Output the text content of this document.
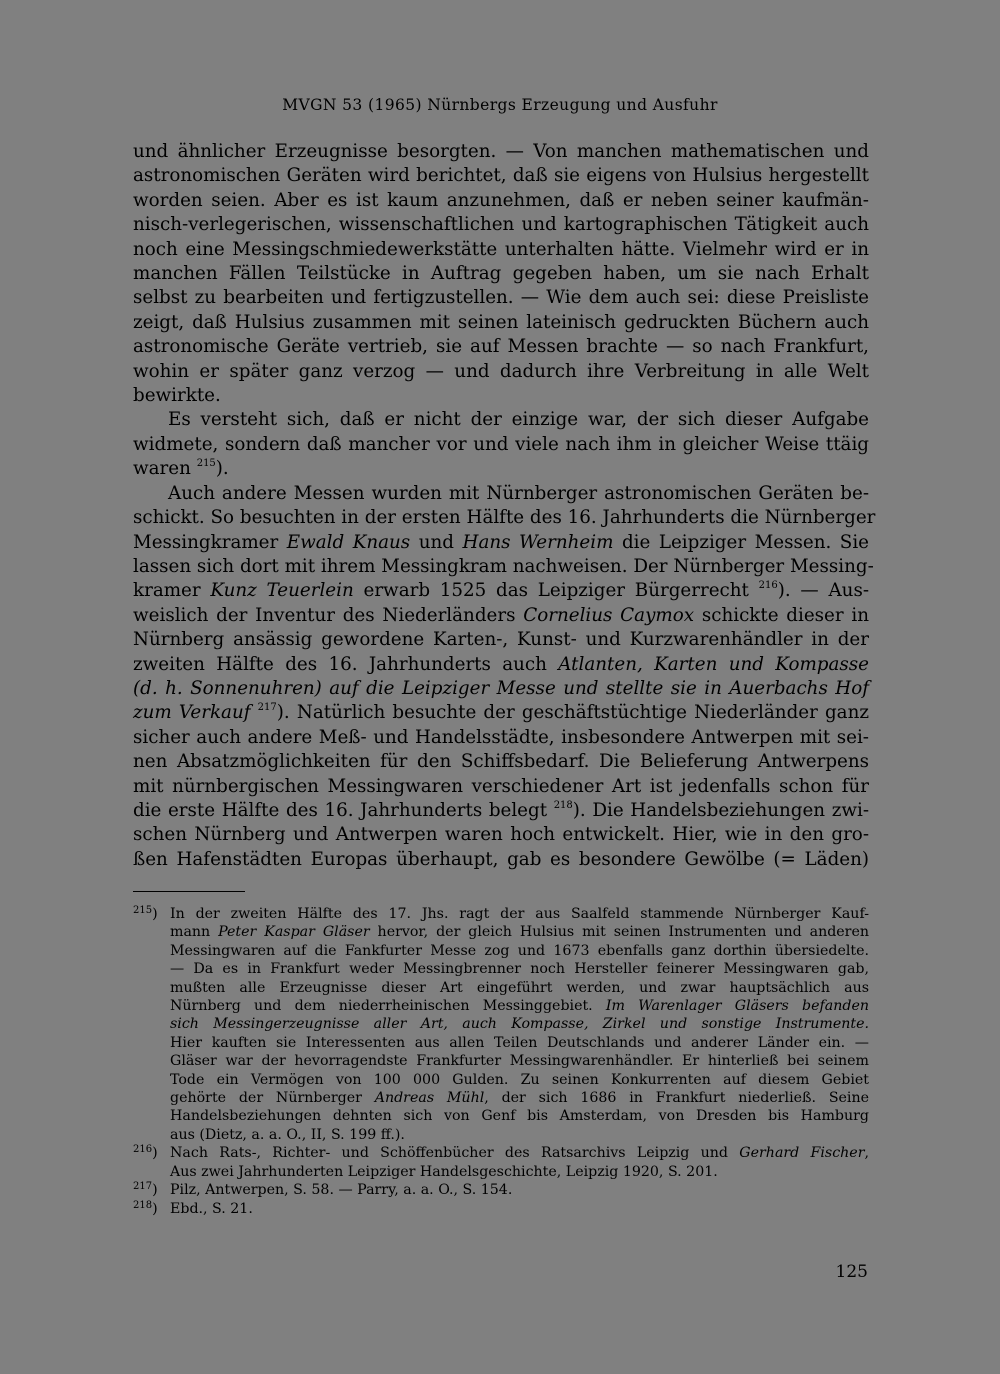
MVGN 53 (1965) Nürnbergs Erzeugung und Ausfuhr
und ähnlicher Erzeugnisse besorgten. — Von manchen mathematischen und
astronomischen Geräten wird berichtet, daß sie eigens von Hulsius hergestellt
worden seien. Aber es ist kaum anzunehmen, daß er neben seiner kaufmän-
nisch-verlegerischen, wissenschaftlichen und kartographischen Tätigkeit auch
noch eine Messingschmiedewerkstätte unterhalten hätte. Vielmehr wird er in
manchen Fällen Teilstücke in Auftrag gegeben haben, um sie nach Erhalt
selbst zu bearbeiten und fertigzustellen. — Wie dem auch sei: diese Preisliste
zeigt, daß Hulsius zusammen mit seinen lateinisch gedruckten Büchern auch
astronomische Geräte vertrieb, sie auf Messen brachte — so nach Frankfurt,
wohin er später ganz verzog — und dadurch ihre Verbreitung in alle Welt
bewirkte.
Es versteht sich, daß er nicht der einzige war, der sich dieser Aufgabe
widmete, sondern daß mancher vor und viele nach ihm in gleicher Weise ttäig
waren $^{215}$).
Auch andere Messen wurden mit Nürnberger astronomischen Geräten be-
schickt. So besuchten in der ersten Hälfte des 16. Jahrhunderts die Nürnberger
Messingkramer Ewald Knaus und Hans Wernheim die Leipziger Messen. Sie
lassen sich dort mit ihrem Messingkram nachweisen. Der Nürnberger Messing-
kramer Kunz Teuerlein erwarb 1525 das Leipziger Bürgerrecht $^{216}$). — Aus-
weislich der Inventur des Niederländers Cornelius Caymox schickte dieser in
Nürnberg ansässig gewordene Karten-, Kunst- und Kurzwarenhändler in der
zweiten Hälfte des 16. Jahrhunderts auch Atlanten, Karten und Kompasse
(d. h. Sonnenuhren) auf die Leipziger Messe und stellte sie in Auerbachs Hof
zum Verkauf $^{217}$). Natürlich besuchte der geschäftstüchtige Niederländer ganz
sicher auch andere Meß- und Handelsstädte, insbesondere Antwerpen mit sei-
nen Absatzmöglichkeiten für den Schiffsbedarf. Die Belieferung Antwerpens
mit nürnbergischen Messingwaren verschiedener Art ist jedenfalls schon für
die erste Hälfte des 16. Jahrhunderts belegt $^{218}$). Die Handelsbeziehungen zwi-
schen Nürnberg und Antwerpen waren hoch entwickelt. Hier, wie in den gro-
ßen Hafenstädten Europas überhaupt, gab es besondere Gewölbe (= Läden)
$^{215}$) In der zweiten Hälfte des 17. Jhs. ragt der aus Saalfeld stammende Nürnberger Kauf-
mann Peter Kaspar Gläser hervor, der gleich Hulsius mit seinen Instrumenten und anderen
Messingwaren auf die Fankfurter Messe zog und 1673 ebenfalls ganz dorthin übersiedelte.
— Da es in Frankfurt weder Messingbrenner noch Hersteller feinerer Messingwaren gab,
mußten alle Erzeugnisse dieser Art eingeführt werden, und zwar hauptsächlich aus
Nürnberg und dem niederrheinischen Messinggebiet. Im Warenlager Gläsers befanden
sich Messingerzeugnisse aller Art, auch Kompasse, Zirkel und sonstige Instrumente.
Hier kauften sie Interessenten aus allen Teilen Deutschlands und anderer Länder ein. —
Gläser war der hevorragendste Frankfurter Messingwarenhändler. Er hinterließ bei seinem
Tode ein Vermögen von 100 000 Gulden. Zu seinen Konkurrenten auf diesem Gebiet
gehörte der Nürnberger Andreas Mühl, der sich 1686 in Frankfurt niederließ. Seine
Handelsbeziehungen dehnten sich von Genf bis Amsterdam, von Dresden bis Hamburg
aus (Dietz, a. a. O., II, S. 199 ff.).
$^{216}$) Nach Rats-, Richter- und Schöffenbücher des Ratsarchivs Leipzig und Gerhard Fischer,
Aus zwei Jahrhunderten Leipziger Handelsgeschichte, Leipzig 1920, S. 201.
$^{217}$) Pilz, Antwerpen, S. 58. — Parry, a. a. O., S. 154.
$^{218}$) Ebd., S. 21.
125
